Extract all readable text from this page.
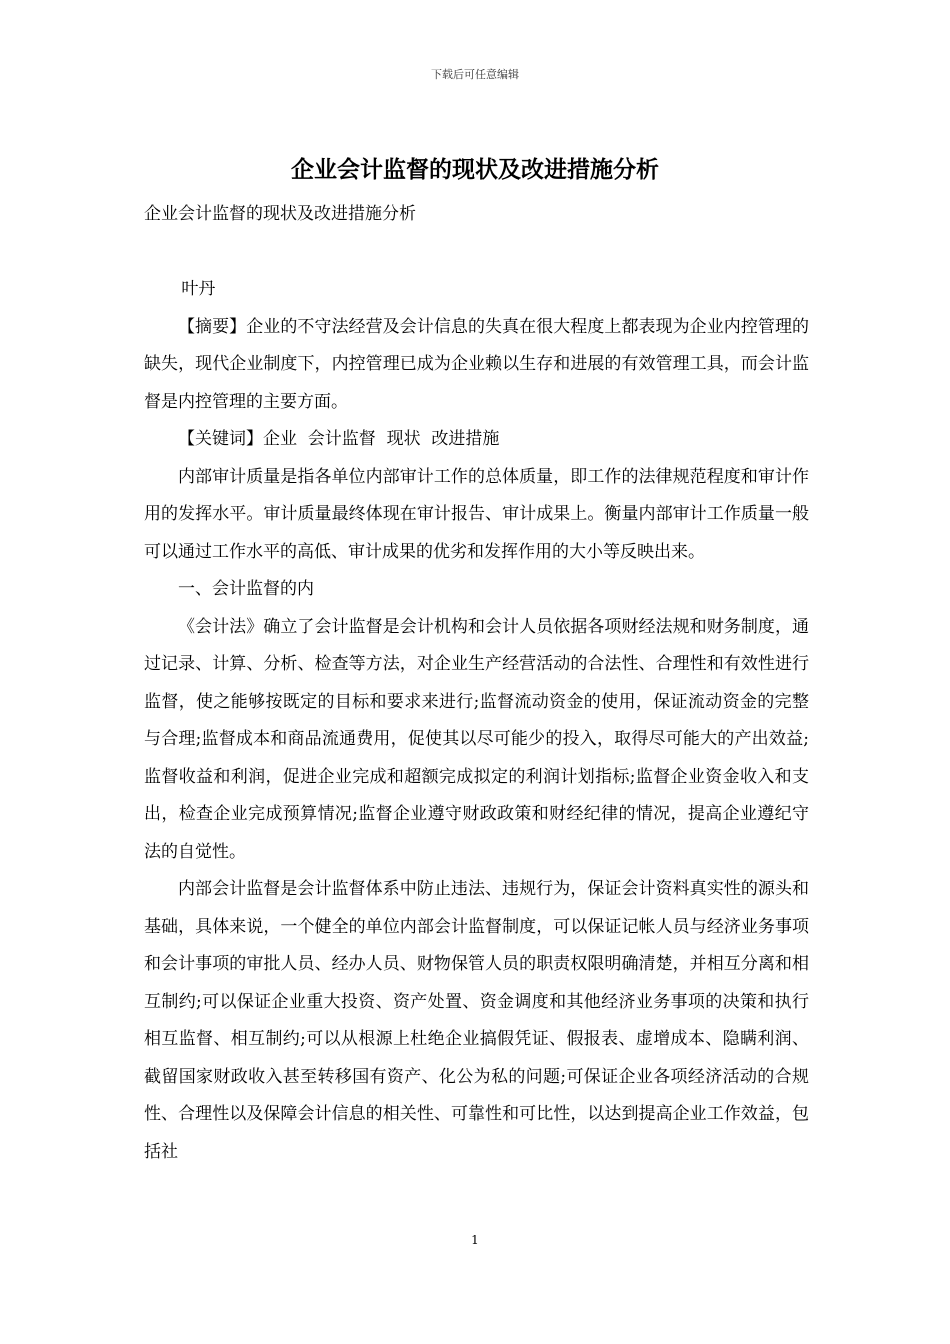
下载后可任意编辑
企业会计监督的现状及改进措施分析

企业会计监督的现状及改进措施分析

叶丹

【摘要】企业的不守法经营及会计信息的失真在很大程度上都表现为企业内控管理的缺失，现代企业制度下，内控管理已成为企业赖以生存和进展的有效管理工具，而会计监督是内控管理的主要方面。

【关键词】企业  会计监督  现状  改进措施

内部审计质量是指各单位内部审计工作的总体质量，即工作的法律规范程度和审计作用的发挥水平。审计质量最终体现在审计报告、审计成果上。衡量内部审计工作质量一般可以通过工作水平的高低、审计成果的优劣和发挥作用的大小等反映出来。

一、会计监督的内

《会计法》确立了会计监督是会计机构和会计人员依据各项财经法规和财务制度，通过记录、计算、分析、检查等方法，对企业生产经营活动的合法性、合理性和有效性进行监督，使之能够按既定的目标和要求来进行;监督流动资金的使用，保证流动资金的完整与合理;监督成本和商品流通费用，促使其以尽可能少的投入，取得尽可能大的产出效益;监督收益和利润，促进企业完成和超额完成拟定的利润计划指标;监督企业资金收入和支出，检查企业完成预算情况;监督企业遵守财政政策和财经纪律的情况，提高企业遵纪守法的自觉性。

内部会计监督是会计监督体系中防止违法、违规行为，保证会计资料真实性的源头和基础，具体来说，一个健全的单位内部会计监督制度，可以保证记帐人员与经济业务事项和会计事项的审批人员、经办人员、财物保管人员的职责权限明确清楚，并相互分离和相互制约;可以保证企业重大投资、资产处置、资金调度和其他经济业务事项的决策和执行相互监督、相互制约;可以从根源上杜绝企业搞假凭证、假报表、虚增成本、隐瞒利润、截留国家财政收入甚至转移国有资产、化公为私的问题;可保证企业各项经济活动的合规性、合理性以及保障会计信息的相关性、可靠性和可比性，以达到提高企业工作效益，包括社

1
